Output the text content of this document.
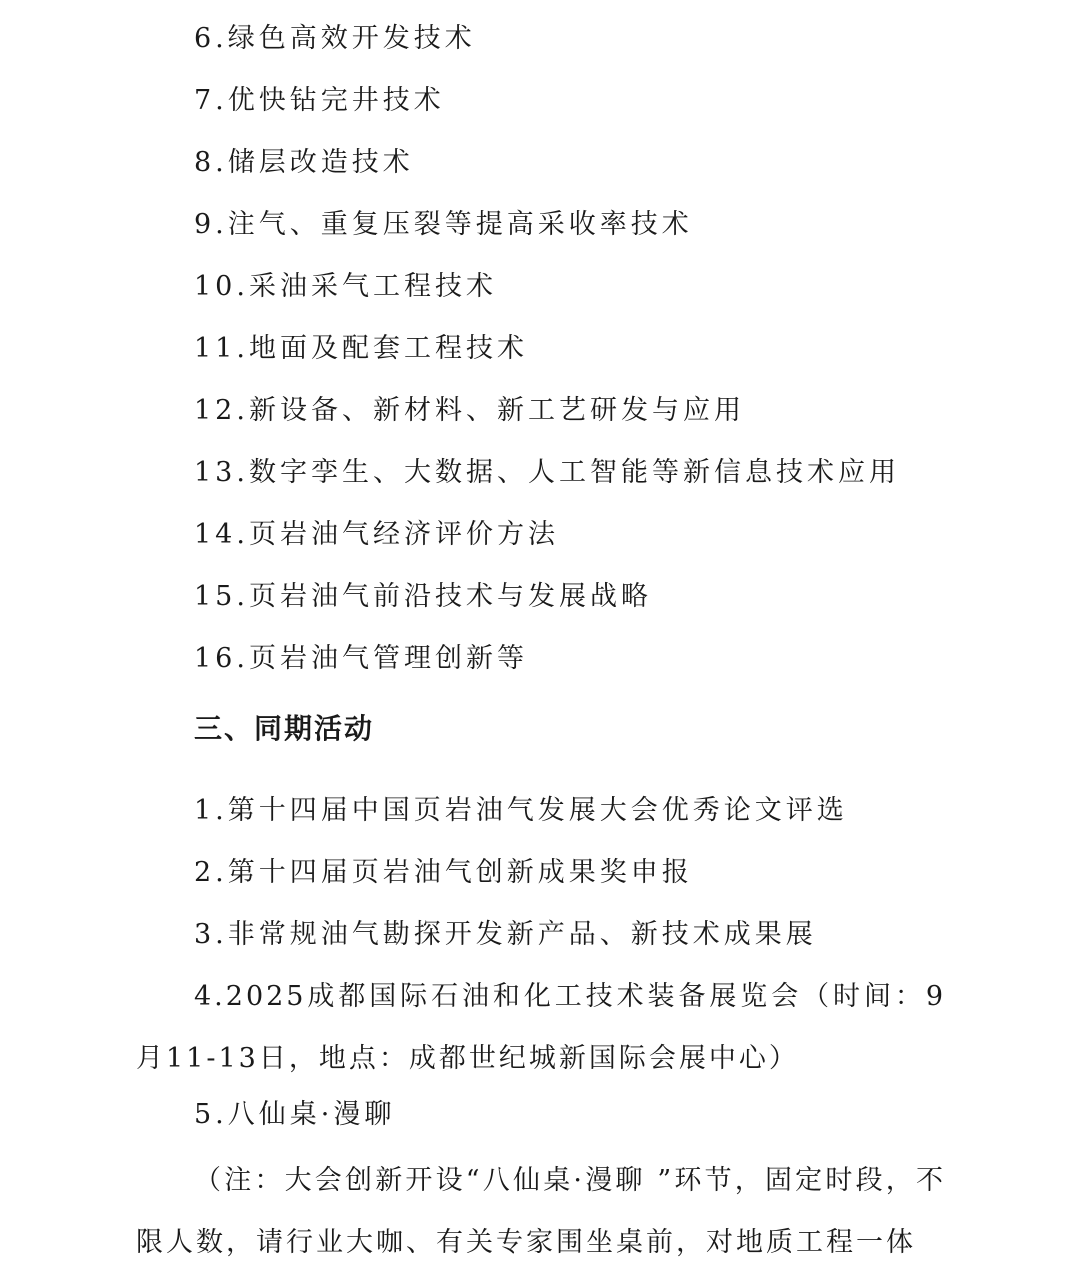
6.绿色高效开发技术
7.优快钻完井技术
8.储层改造技术
9.注气、重复压裂等提高采收率技术
10.采油采气工程技术
11.地面及配套工程技术
12.新设备、新材料、新工艺研发与应用
13.数字孪生、大数据、人工智能等新信息技术应用
14.页岩油气经济评价方法
15.页岩油气前沿技术与发展战略
16.页岩油气管理创新等
三、同期活动
1.第十四届中国页岩油气发展大会优秀论文评选
2.第十四届页岩油气创新成果奖申报
3.非常规油气勘探开发新产品、新技术成果展
4.2025成都国际石油和化工技术装备展览会（时间：9月11-13日，地点：成都世纪城新国际会展中心）
5.八仙桌·漫聊
（注：大会创新开设“八仙桌·漫聊 ”环节，固定时段，不限人数，请行业大咖、有关专家围坐桌前，对地质工程一体
